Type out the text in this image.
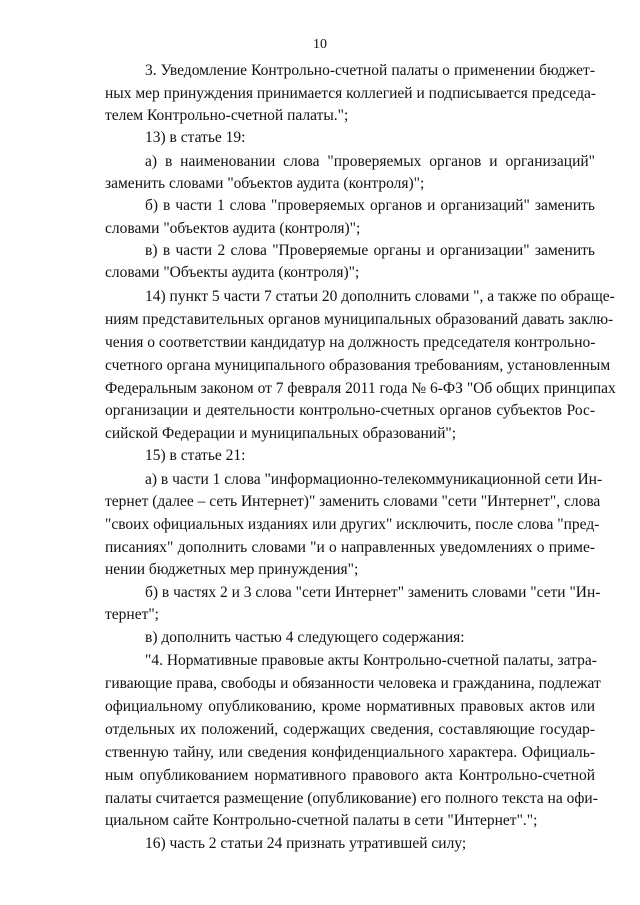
10
3. Уведомление Контрольно-счетной палаты о применении бюджет-
ных мер принуждения принимается коллегией и подписывается председа-
телем Контрольно-счетной палаты.";
13) в статье 19:
а) в наименовании слова "проверяемых органов и организаций"
заменить словами "объектов аудита (контроля)";
б) в части 1 слова "проверяемых органов и организаций" заменить
словами "объектов аудита (контроля)";
в) в части 2 слова "Проверяемые органы и организации" заменить
словами "Объекты аудита (контроля)";
14) пункт 5 части 7 статьи 20 дополнить словами ", а также по обраще-
ниям представительных органов муниципальных образований давать заклю-
чения о соответствии кандидатур на должность председателя контрольно-
счетного органа муниципального образования требованиям, установленным
Федеральным законом от 7 февраля 2011 года № 6-ФЗ "Об общих принципах
организации и деятельности контрольно-счетных органов субъектов Рос-
сийской Федерации и муниципальных образований";
15) в статье 21:
а) в части 1 слова "информационно-телекоммуникационной сети Ин-
тернет (далее – сеть Интернет)" заменить словами "сети "Интернет", слова
"своих официальных изданиях или других" исключить, после слова "пред-
писаниях" дополнить словами "и о направленных уведомлениях о приме-
нении бюджетных мер принуждения";
б) в частях 2 и 3 слова "сети Интернет" заменить словами "сети "Ин-
тернет";
в) дополнить частью 4 следующего содержания:
"4. Нормативные правовые акты Контрольно-счетной палаты, затра-
гивающие права, свободы и обязанности человека и гражданина, подлежат
официальному опубликованию, кроме нормативных правовых актов или
отдельных их положений, содержащих сведения, составляющие государ-
ственную тайну, или сведения конфиденциального характера. Официаль-
ным опубликованием нормативного правового акта Контрольно-счетной
палаты считается размещение (опубликование) его полного текста на офи-
циальном сайте Контрольно-счетной палаты в сети "Интернет".";
16) часть 2 статьи 24 признать утратившей силу;
